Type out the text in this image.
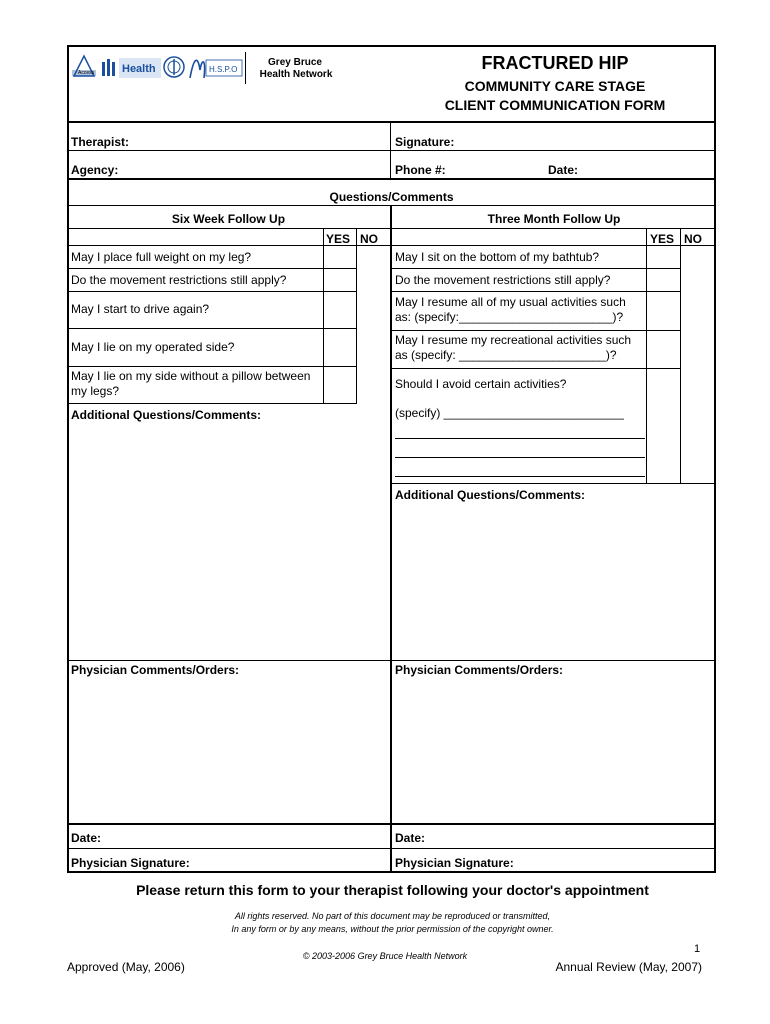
Access	Health	H.S.P.O
Grey Bruce
Health Network
FRACTURED HIP
COMMUNITY CARE STAGE
CLIENT COMMUNICATION FORM
Therapist:	Signature:
Agency:	Phone #:	Date:
Questions/Comments
Six Week Follow Up
YES NO
May I place full weight on my leg?
Do the movement restrictions still apply?
May I start to drive again?
May I lie on my operated side?
May I lie on my side without a pillow between my legs?
Additional Questions/Comments:
Three Month Follow Up
YES NO
May I sit on the bottom of my bathtub?
Do the movement restrictions still apply?
May I resume all of my usual activities such as: (specify:_______________________)?
May I resume my recreational activities such as (specify: ______________________)?
Should I avoid certain activities?
(specify) ___________________________
Additional Questions/Comments:
Physician Comments/Orders:	Physician Comments/Orders:
Date:	Date:
Physician Signature:	Physician Signature:
Please return this form to your therapist following your doctor's appointment
All rights reserved. No part of this document may be reproduced or transmitted,
In any form or by any means, without the prior permission of the copyright owner.
1
Approved (May, 2006)
© 2003-2006 Grey Bruce Health Network
Annual Review (May, 2007)
